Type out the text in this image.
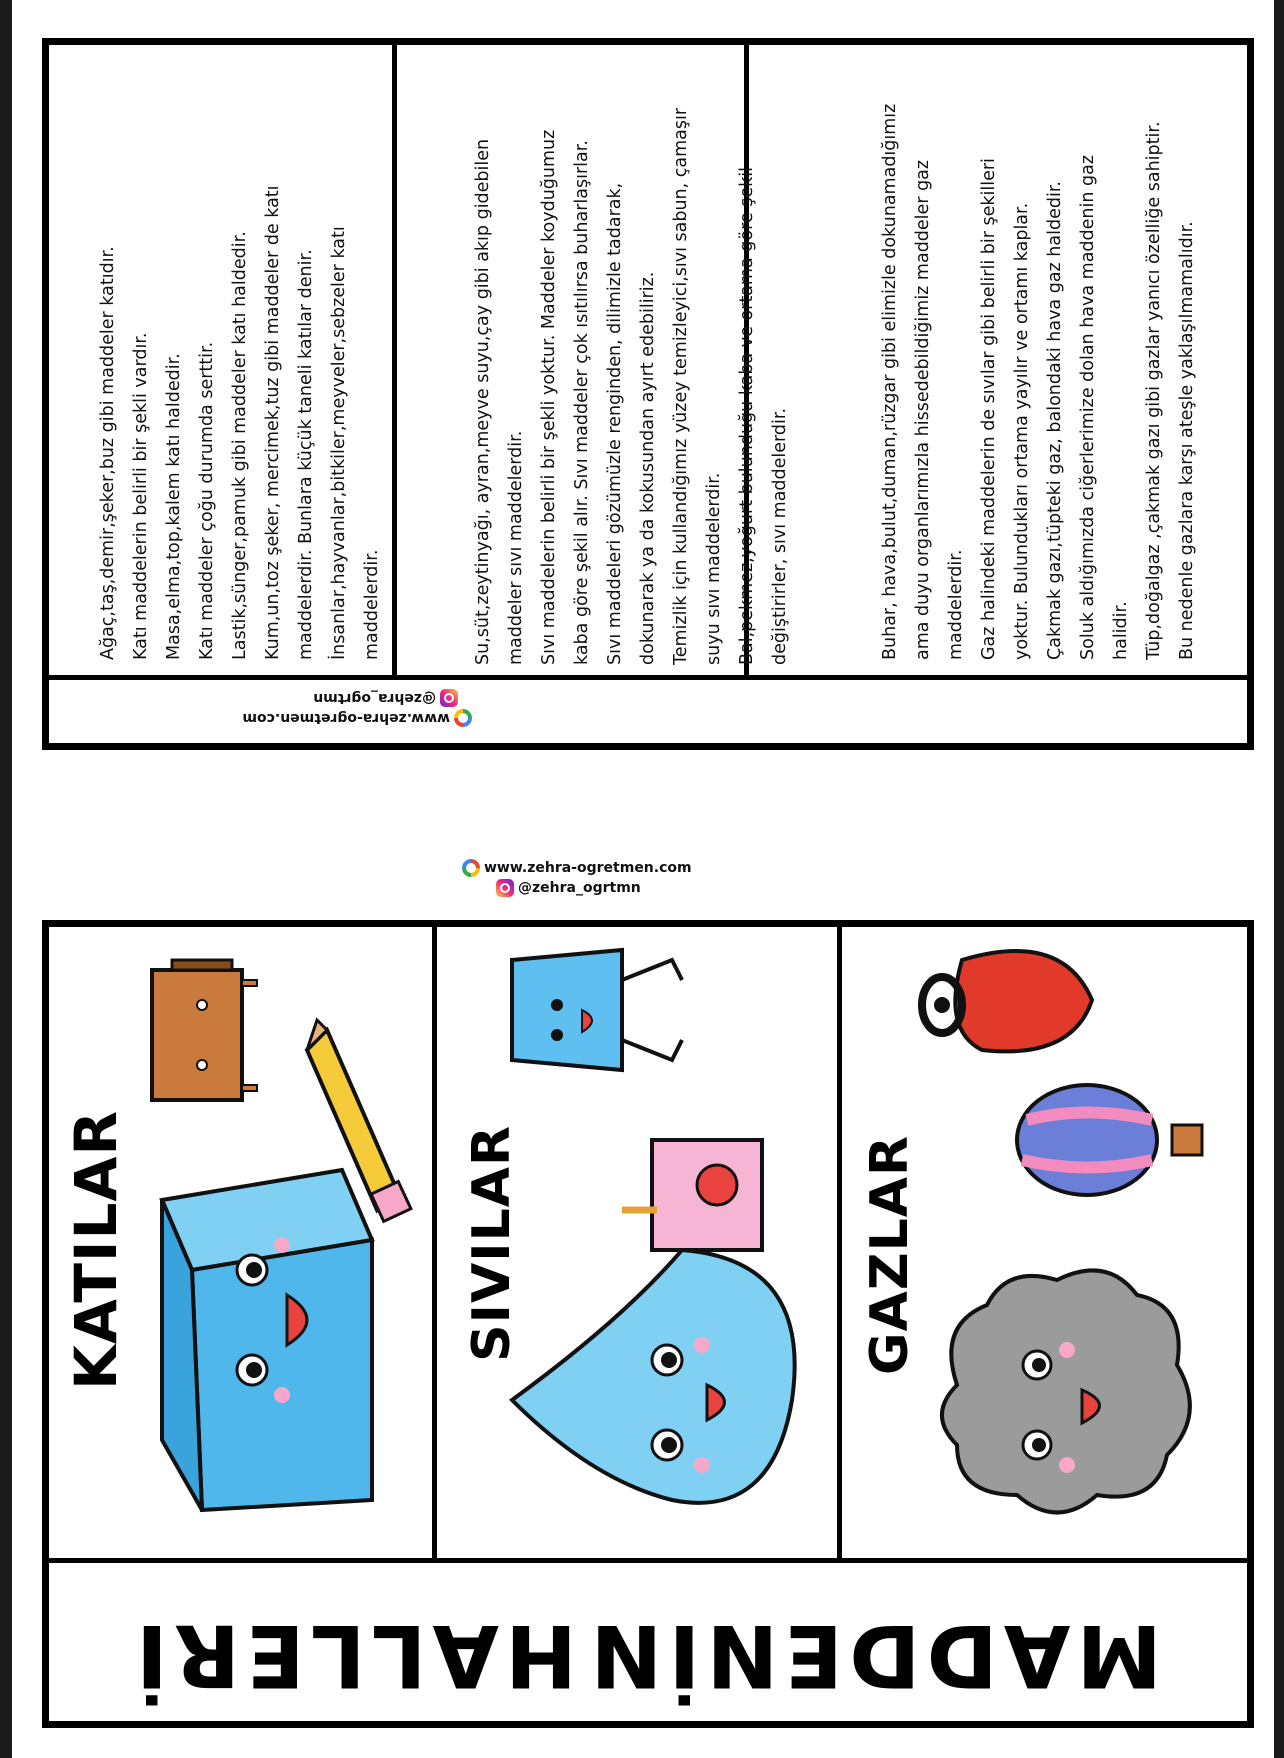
Ağaç,taş,demir,şeker,buz gibi maddeler katıdır. Katı maddelerin belirli bir şekli vardır. Masa,elma,top,kalem katı haldedir. Katı maddeler çoğu durumda serttir. Lastik,sünger,pamuk gibi maddeler katı haldedir. Kum,un,toz şeker, mercimek,tuz gibi maddeler de katı maddelerdir. Bunlara küçük taneli katılar denir. İnsanlar,hayvanlar,bitkiler,meyveler,sebzeler katı maddelerdir.	Su,süt,zeytinyağı, ayran,meyve suyu,çay gibi akıp gidebilen maddeler sıvı maddelerdir. Sıvı maddelerin belirli bir şekli yoktur. Maddeler koyduğumuz kaba göre şekil alır. Sıvı maddeler çok ısıtılırsa buharlaşırlar. Sıvı maddeleri gözümüzle renginden, dilimizle tadarak, dokunarak ya da kokusundan ayırt edebiliriz. Temizlik için kullandığımız yüzey temizleyici,sıvı sabun, çamaşır suyu sıvı maddelerdir. Bal,pekmez,yoğurt bulunduğu kaba ve ortama göre şekil değiştirirler, sıvı maddelerdir.	Buhar, hava,bulut,duman,rüzgar gibi elimizle dokunamadığımız ama duyu organlarımızla hissedebildiğimiz maddeler gaz maddelerdir. Gaz halindeki maddelerin de sıvılar gibi belirli bir şekilleri yoktur. Bulundukları ortama yayılır ve ortamı kaplar. Çakmak gazı,tüpteki gaz, balondaki hava gaz haldedir. Soluk aldığımızda ciğerlerimize dolan hava maddenin gaz halidir. Tüp,doğalgaz ,çakmak gazı gibi gazlar yanıcı özelliğe sahiptir. Bu nedenle gazlara karşı ateşle yaklaşılmamalıdır.

www.zehra-ogretmen.com
@zehra_ogrtmn
www.zehra-ogretmen.com
@zehra_ogrtmn
KATILAR	SIVILAR	GAZLAR
MADDENİN
HALLERİ
